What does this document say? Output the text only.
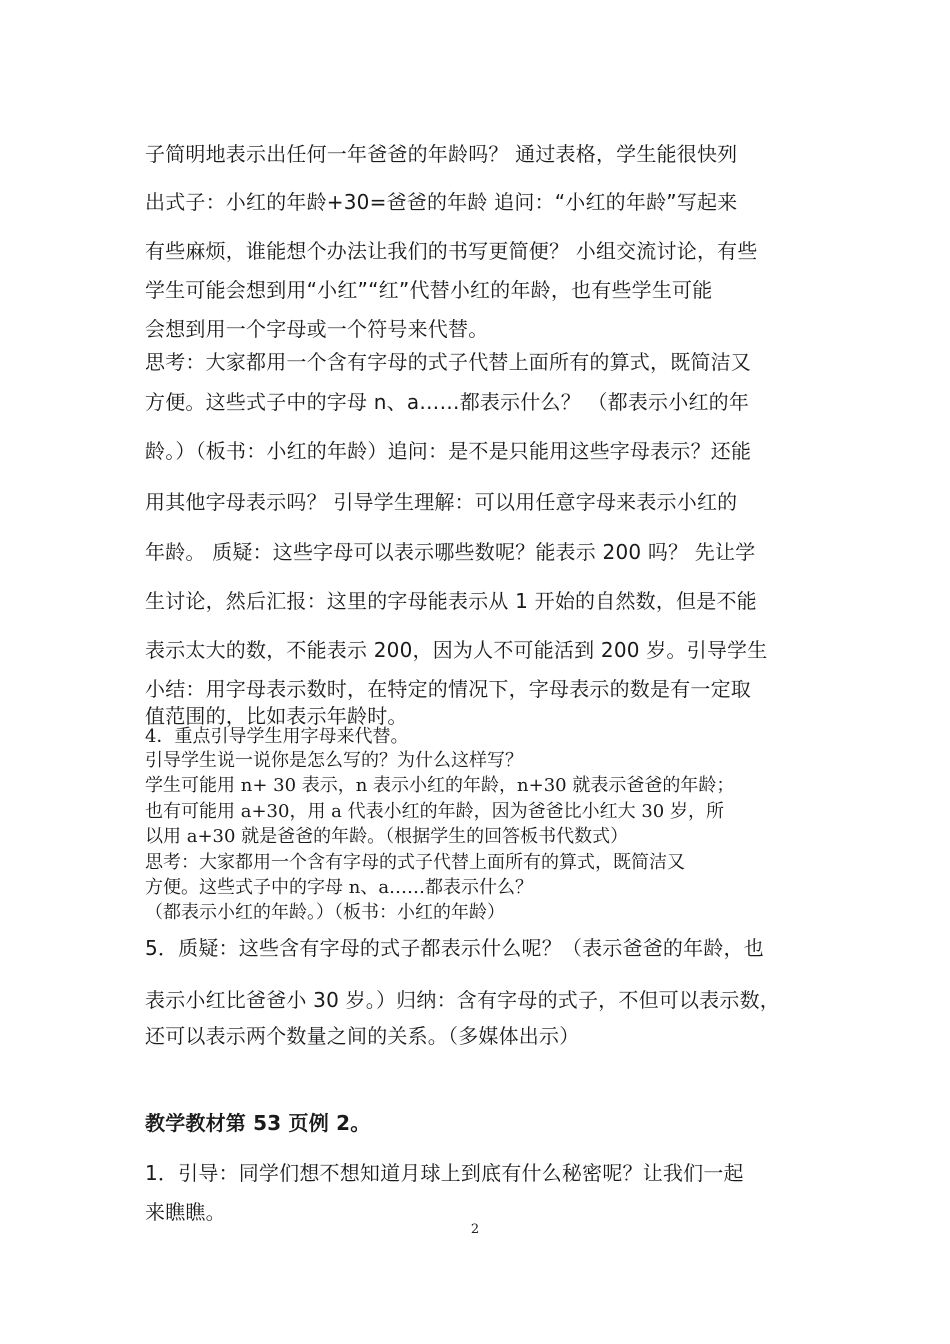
子简明地表示出任何一年爸爸的年龄吗？ 通过表格，学生能很快列
出式子：小红的年龄+30=爸爸的年龄 追问：“小红的年龄”写起来
有些麻烦，谁能想个办法让我们的书写更简便？ 小组交流讨论，有些
学生可能会想到用“小红”“红”代替小红的年龄，也有些学生可能
会想到用一个字母或一个符号来代替。
思考：大家都用一个含有字母的式子代替上面所有的算式，既简洁又
方便。这些式子中的字母 n、a……都表示什么？ （都表示小红的年
龄。）（板书：小红的年龄）追问：是不是只能用这些字母表示？还能
用其他字母表示吗？ 引导学生理解：可以用任意字母来表示小红的
年龄。 质疑：这些字母可以表示哪些数呢？能表示 200 吗？ 先让学
生讨论，然后汇报：这里的字母能表示从 1 开始的自然数，但是不能
表示太大的数，不能表示 200，因为人不可能活到 200 岁。引导学生
小结：用字母表示数时，在特定的情况下，字母表示的数是有一定取
值范围的，比如表示年龄时。
4．重点引导学生用字母来代替。
引导学生说一说你是怎么写的？为什么这样写？
学生可能用 n+ 30 表示，n 表示小红的年龄，n+30 就表示爸爸的年龄；
也有可能用 a+30，用 a 代表小红的年龄，因为爸爸比小红大 30 岁，所
以用 a+30 就是爸爸的年龄。（根据学生的回答板书代数式）
思考：大家都用一个含有字母的式子代替上面所有的算式，既简洁又
方便。这些式子中的字母 n、a……都表示什么？
（都表示小红的年龄。）（板书：小红的年龄）
5．质疑：这些含有字母的式子都表示什么呢？（表示爸爸的年龄，也
表示小红比爸爸小 30 岁。）归纳：含有字母的式子，不但可以表示数，
还可以表示两个数量之间的关系。（多媒体出示）
教学教材第 53 页例 2。
1．引导：同学们想不想知道月球上到底有什么秘密呢？让我们一起
来瞧瞧。
2
